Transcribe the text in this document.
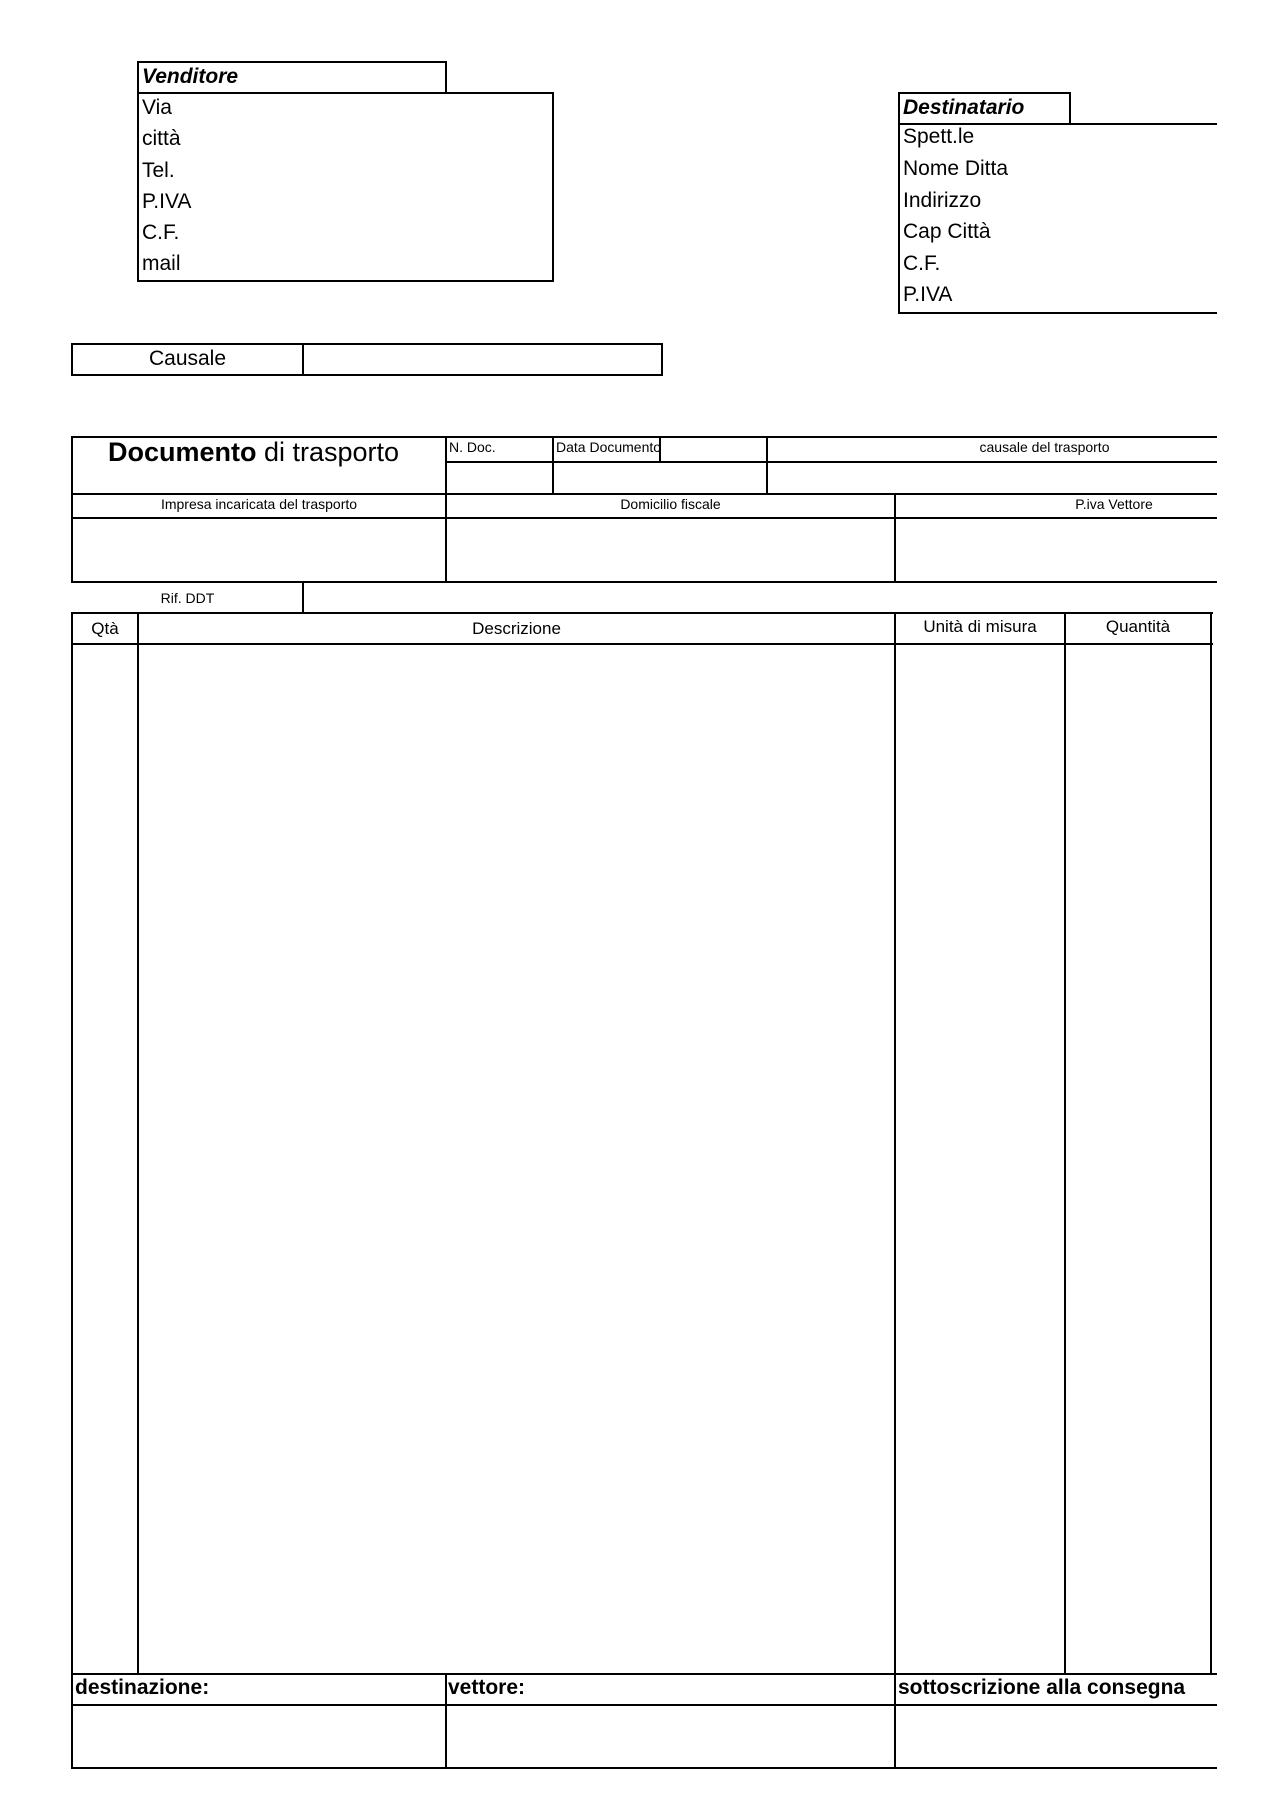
Venditore
Via
città
Tel.
P.IVA
C.F.
mail
Destinatario
Spett.le
Nome Ditta
Indirizzo
Cap Città
C.F.
P.IVA
Causale
Documento di trasporto	N. Doc.	Data Documento	causale del trasporto
Impresa incaricata del trasporto	Domicilio fiscale	P.iva Vettore
Rif. DDT
Qtà	Descrizione	Unità di misura	Quantità
destinazione:	vettore:	sottoscrizione alla consegna
